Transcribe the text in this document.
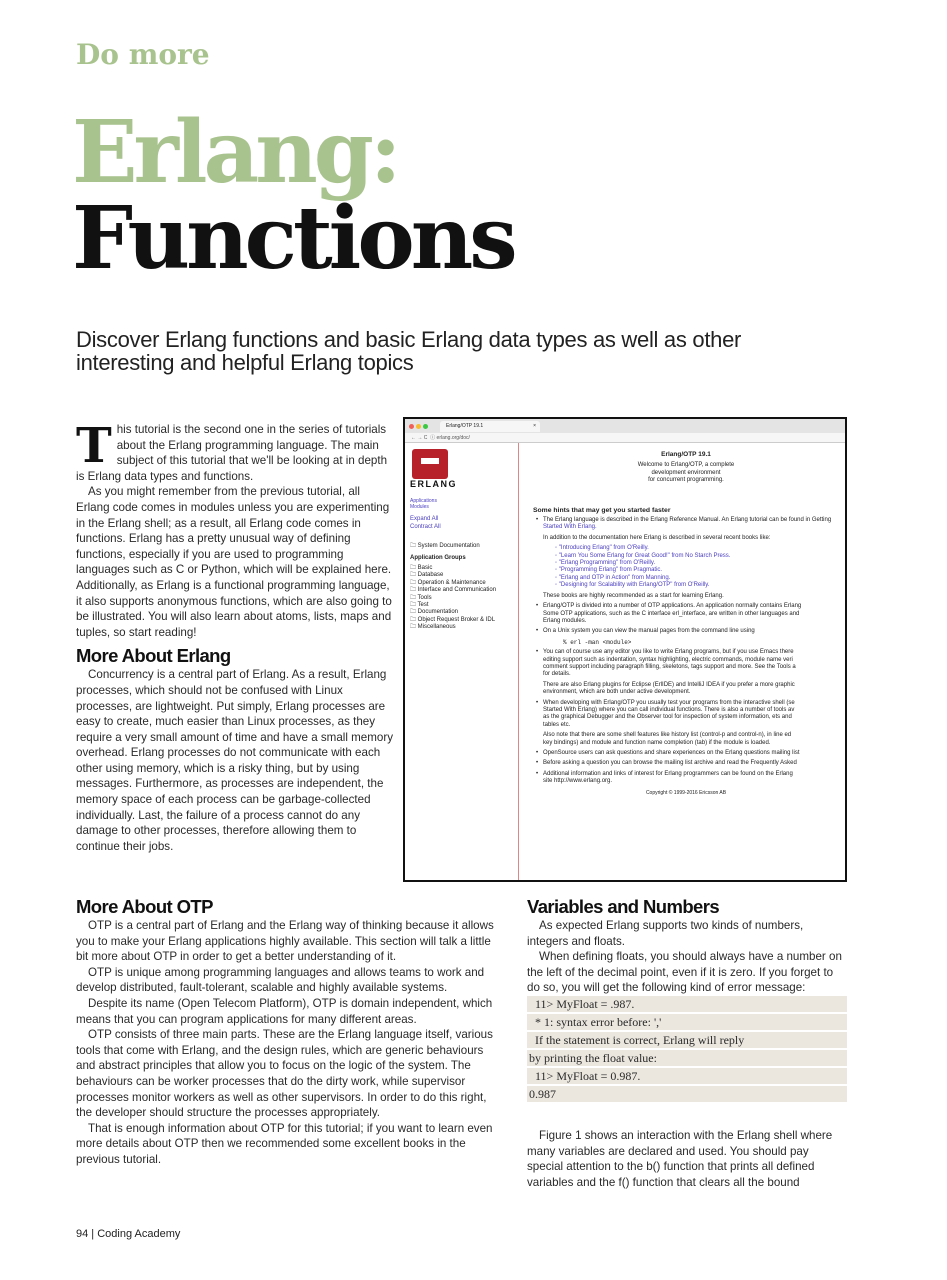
Do more
Erlang:
Functions
Discover Erlang functions and basic Erlang data types as well as other interesting and helpful Erlang topics
T his tutorial is the second one in the series of tutorials about the Erlang programming language. The main subject of this tutorial that we'll be looking at in depth is Erlang data types and functions.

As you might remember from the previous tutorial, all Erlang code comes in modules unless you are experimenting in the Erlang shell; as a result, all Erlang code comes in functions. Erlang has a pretty unusual way of defining functions, especially if you are used to programming languages such as C or Python, which will be explained here. Additionally, as Erlang is a functional programming language, it also supports anonymous functions, which are also going to be illustrated. You will also learn about atoms, lists, maps and tuples, so start reading!

More About Erlang

Concurrency is a central part of Erlang. As a result, Erlang processes, which should not be confused with Linux processes, are lightweight. Put simply, Erlang processes are easy to create, much easier than Linux processes, as they require a very small amount of time and have a small memory overhead. Erlang processes do not communicate with each other using memory, which is a risky thing, but by using messages. Furthermore, as processes are independent, the memory space of each process can be garbage-collected individually. Last, the failure of a process cannot do any damage to other processes, therefore allowing them to continue their jobs.

Erlang/OTP 19.1	×
← → C ⓘ erlang.org/doc/
ERLANG
Applications
Modules
Expand All
Contract All
🗀 System Documentation
Application Groups
🗀 Basic
🗀 Database
🗀 Operation & Maintenance
🗀 Interface and Communication
🗀 Tools
🗀 Test
🗀 Documentation
🗀 Object Request Broker & IDL
🗀 Miscellaneous
Erlang/OTP 19.1
Welcome to Erlang/OTP, a complete
development environment
for concurrent programming.
Some hints that may get you started faster
• The Erlang language is described in the Erlang Reference Manual. An Erlang tutorial can be found in Getting
Started With Erlang.
In addition to the documentation here Erlang is described in several recent books like:
◦ "Introducing Erlang" from O'Reilly.
◦ "Learn You Some Erlang for Great Good!" from No Starch Press.
◦ "Erlang Programming" from O'Reilly.
◦ "Programming Erlang" from Pragmatic.
◦ "Erlang and OTP in Action" from Manning.
◦ "Designing for Scalability with Erlang/OTP" from O'Reilly.
These books are highly recommended as a start for learning Erlang.
• Erlang/OTP is divided into a number of OTP applications. An application normally contains Erlang
Some OTP applications, such as the C interface erl_interface, are written in other languages and
Erlang modules.
• On a Unix system you can view the manual pages from the command line using
% erl -man <module>
• You can of course use any editor you like to write Erlang programs, but if you use Emacs there
editing support such as indentation, syntax highlighting, electric commands, module name veri
comment support including paragraph filling, skeletons, tags support and more. See the Tools a
for details.
There are also Erlang plugins for Eclipse (ErlIDE) and IntelliJ IDEA if you prefer a more graphic
environment, which are both under active development.
• When developing with Erlang/OTP you usually test your programs from the interactive shell (se
Started With Erlang) where you can call individual functions. There is also a number of tools av
as the graphical Debugger and the Observer tool for inspection of system information, ets and
tables etc.
Also note that there are some shell features like history list (control-p and control-n), in line ed
key bindings) and module and function name completion (tab) if the module is loaded.
• OpenSource users can ask questions and share experiences on the Erlang questions mailing list
• Before asking a question you can browse the mailing list archive and read the Frequently Asked
• Additional information and links of interest for Erlang programmers can be found on the Erlang
site http://www.erlang.org.
Copyright © 1999-2016 Ericsson AB
More About OTP

OTP is a central part of Erlang and the Erlang way of thinking because it allows you to make your Erlang applications highly available. This section will talk a little bit more about OTP in order to get a better understanding of it.

OTP is unique among programming languages and allows teams to work and develop distributed, fault-tolerant, scalable and highly available systems.

Despite its name (Open Telecom Platform), OTP is domain independent, which means that you can program applications for many different areas.

OTP consists of three main parts. These are the Erlang language itself, various tools that come with Erlang, and the design rules, which are generic behaviours and abstract principles that allow you to focus on the logic of the system. The behaviours can be worker processes that do the dirty work, while supervisor processes monitor workers as well as other supervisors. In order to do this right, the developer should structure the processes appropriately.

That is enough information about OTP for this tutorial; if you want to learn even more details about OTP then we recommended some excellent books in the previous tutorial.

Variables and Numbers

As expected Erlang supports two kinds of numbers, integers and floats.

When defining floats, you should always have a number on the left of the decimal point, even if it is zero. If you forget to do so, you will get the following kind of error message:

11> MyFloat = .987.
* 1: syntax error before: ','
If the statement is correct, Erlang will reply
by printing the float value:
11> MyFloat = 0.987.
0.987

Figure 1 shows an interaction with the Erlang shell where many variables are declared and used. You should pay special attention to the b() function that prints all defined variables and the f() function that clears all the bound

94 | Coding Academy
